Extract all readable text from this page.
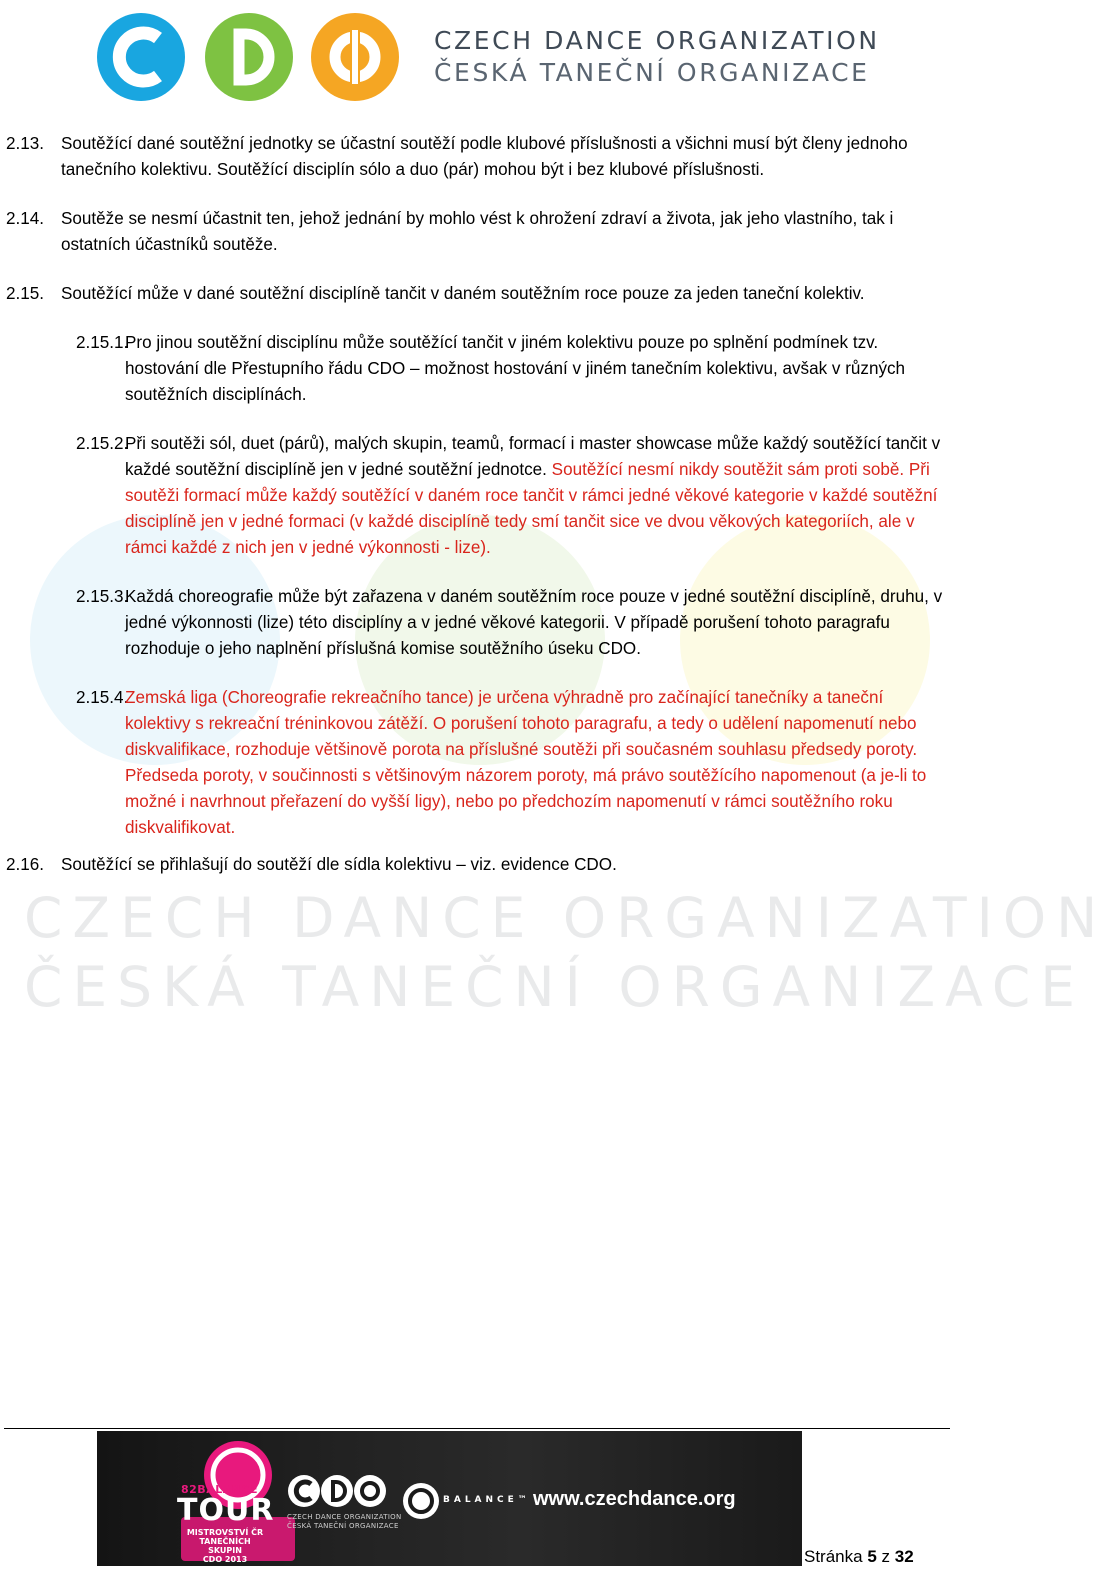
CZECH DANCE ORGANIZATION
ČESKÁ TANEČNÍ ORGANIZACE
CZECH DANCE ORGANIZATION
ČESKÁ TANEČNÍ ORGANIZACE
2.13. Soutěžící dané soutěžní jednotky se účastní soutěží podle klubové příslušnosti a všichni musí být členy jednoho tanečního kolektivu. Soutěžící disciplín sólo a duo (pár) mohou být i bez klubové příslušnosti.
2.14. Soutěže se nesmí účastnit ten, jehož jednání by mohlo vést k ohrožení zdraví a života, jak jeho vlastního, tak i ostatních účastníků soutěže.
2.15. Soutěžící může v dané soutěžní disciplíně tančit v daném soutěžním roce pouze za jeden taneční kolektiv.
2.15.1.
Pro jinou soutěžní disciplínu může soutěžící tančit v jiném kolektivu pouze po splnění podmínek tzv. hostování dle Přestupního řádu CDO – možnost hostování v jiném tanečním kolektivu, avšak v různých soutěžních disciplínách.
2.15.2.
Při soutěži sól, duet (párů), malých skupin, teamů, formací i master showcase může každý soutěžící tančit v každé soutěžní disciplíně jen v jedné soutěžní jednotce. Soutěžící nesmí nikdy soutěžit sám proti sobě. Při soutěži formací může každý soutěžící v daném roce tančit v rámci jedné věkové kategorie v každé soutěžní disciplíně jen v jedné formaci (v každé disciplíně tedy smí tančit sice ve dvou věkových kategoriích, ale v rámci každé z nich jen v jedné výkonnosti - lize).
2.15.3.
Každá choreografie může být zařazena v daném soutěžním roce pouze v jedné soutěžní disciplíně, druhu, v jedné výkonnosti (lize) této disciplíny a v jedné věkové kategorii. V případě porušení tohoto paragrafu rozhoduje o jeho naplnění příslušná komise soutěžního úseku CDO.
2.15.4.
Zemská liga (Choreografie rekreačního tance) je určena výhradně pro začínající tanečníky a taneční kolektivy s rekreační tréninkovou zátěží. O porušení tohoto paragrafu, a tedy o udělení napomenutí nebo diskvalifikace, rozhoduje většinově porota na příslušné soutěži při současném souhlasu předsedy poroty. Předseda poroty, v součinnosti s většinovým názorem poroty, má právo soutěžícího napomenout (a je-li to možné i navrhnout přeřazení do vyšší ligy), nebo po předchozím napomenutí v rámci soutěžního roku diskvalifikovat.
2.16. Soutěžící se přihlašují do soutěží dle sídla kolektivu – viz. evidence CDO.
82BALANCE
TOUR
MISTROVSTVÍ ČR
TANEČNÍCH SKUPIN
CDO 2013
CZECH DANCE ORGANIZATION
ČESKÁ TANEČNÍ ORGANIZACE
BALANCE™ www.czechdance.org
Stránka 5 z 32
